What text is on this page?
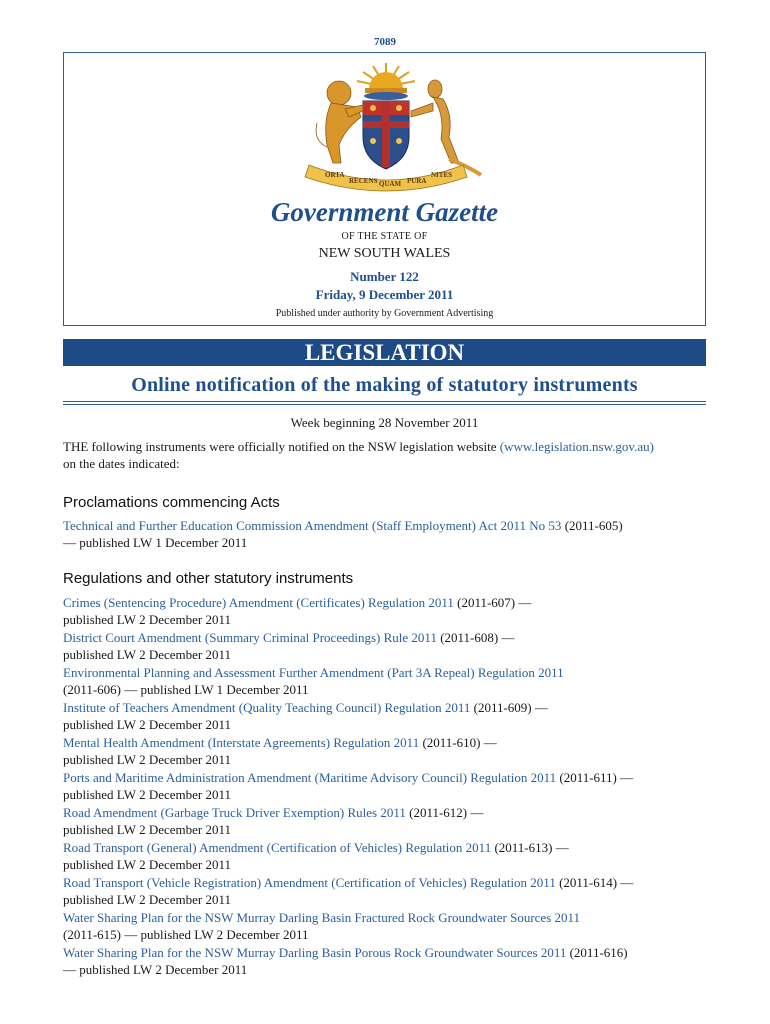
7089
ORTA
RECENS QUAM PURA
NITES
Government Gazette
OF THE STATE OF
NEW SOUTH WALES
Number 122
Friday, 9 December 2011
Published under authority by Government Advertising
LEGISLATION
Online notification of the making of statutory instruments
Week beginning 28 November 2011
THE following instruments were officially notified on the NSW legislation website (www.legislation.nsw.gov.au)
on the dates indicated:
Proclamations commencing Acts
Technical and Further Education Commission Amendment (Staff Employment) Act 2011 No 53 (2011-605)
— published LW 1 December 2011
Regulations and other statutory instruments
Crimes (Sentencing Procedure) Amendment (Certificates) Regulation 2011 (2011-607) —
published LW 2 December 2011
District Court Amendment (Summary Criminal Proceedings) Rule 2011 (2011-608) —
published LW 2 December 2011
Environmental Planning and Assessment Further Amendment (Part 3A Repeal) Regulation 2011
(2011-606) — published LW 1 December 2011
Institute of Teachers Amendment (Quality Teaching Council) Regulation 2011 (2011-609) —
published LW 2 December 2011
Mental Health Amendment (Interstate Agreements) Regulation 2011 (2011-610) —
published LW 2 December 2011
Ports and Maritime Administration Amendment (Maritime Advisory Council) Regulation 2011 (2011-611) —
published LW 2 December 2011
Road Amendment (Garbage Truck Driver Exemption) Rules 2011 (2011-612) —
published LW 2 December 2011
Road Transport (General) Amendment (Certification of Vehicles) Regulation 2011 (2011-613) —
published LW 2 December 2011
Road Transport (Vehicle Registration) Amendment (Certification of Vehicles) Regulation 2011 (2011-614) —
published LW 2 December 2011
Water Sharing Plan for the NSW Murray Darling Basin Fractured Rock Groundwater Sources 2011
(2011-615) — published LW 2 December 2011
Water Sharing Plan for the NSW Murray Darling Basin Porous Rock Groundwater Sources 2011 (2011-616)
— published LW 2 December 2011
